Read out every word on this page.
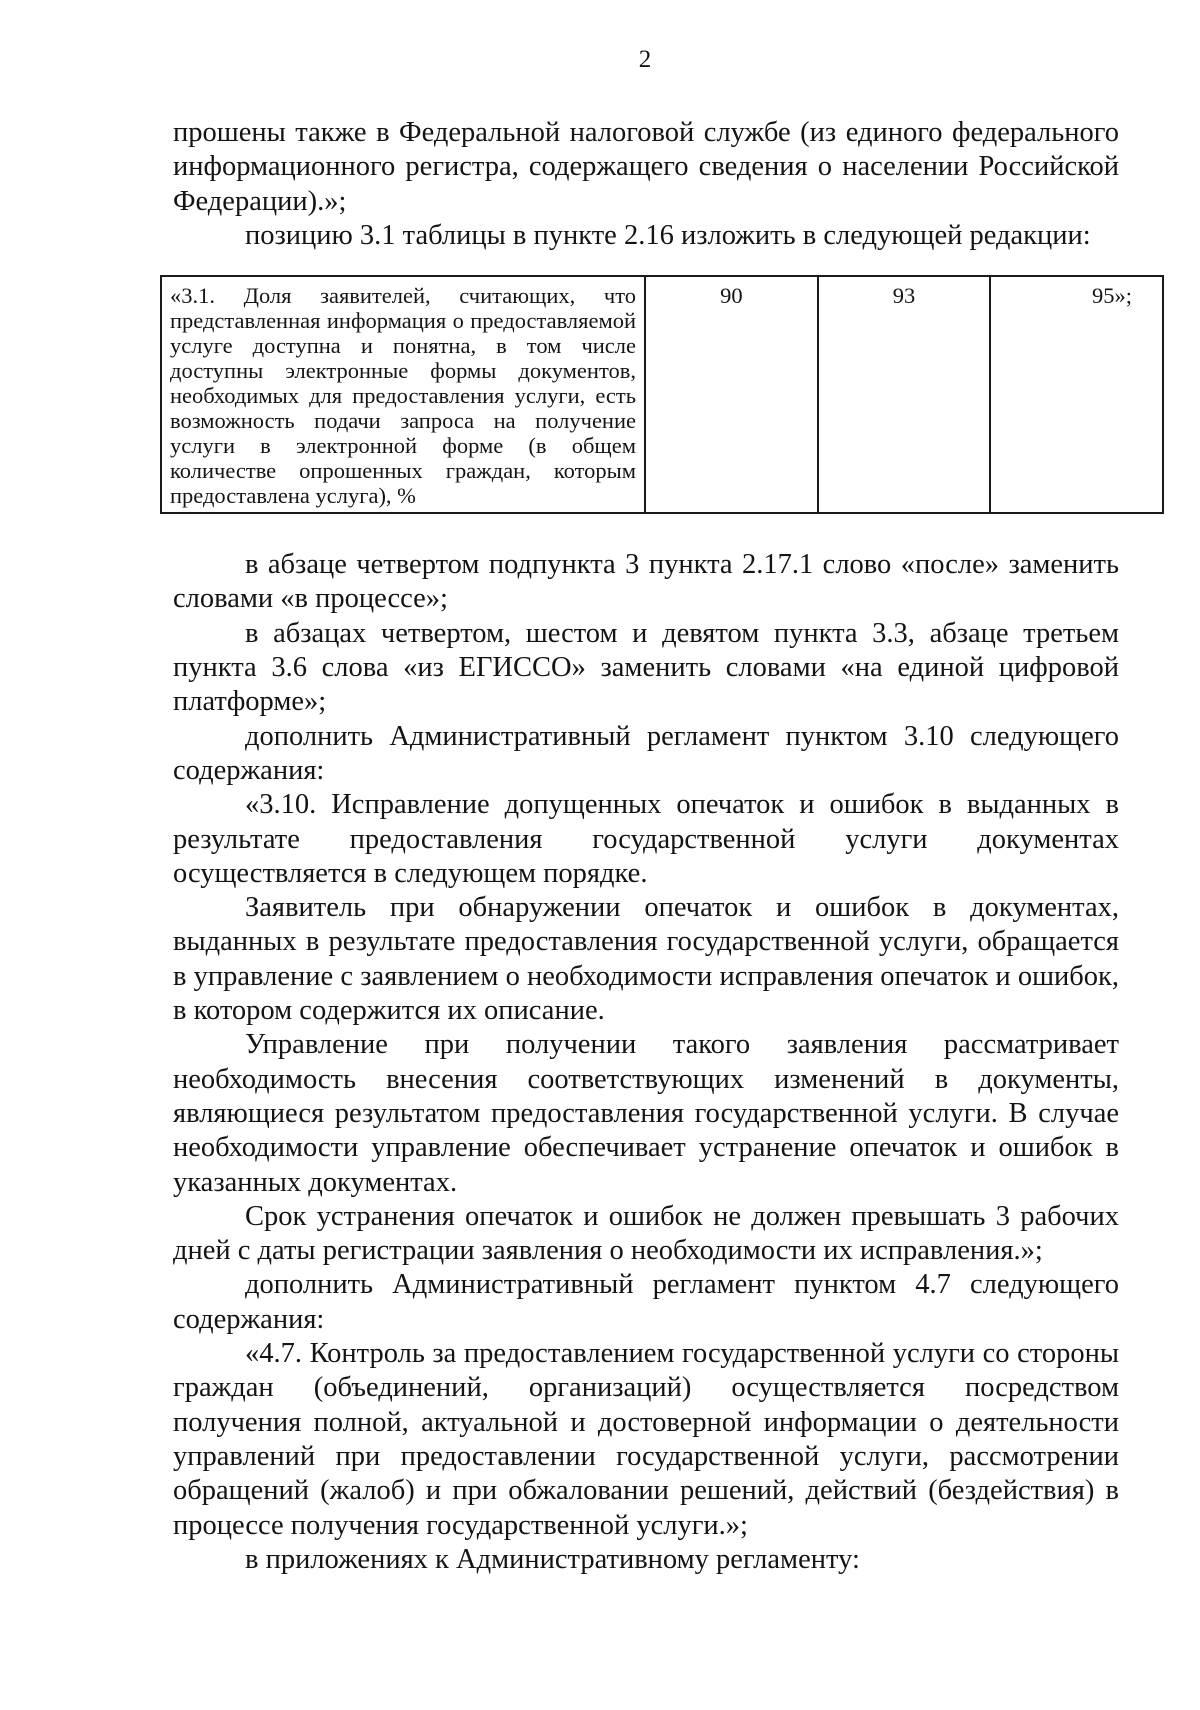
2

прошены также в Федеральной налоговой службе (из единого федерального информационного регистра, содержащего сведения о населении Российской Федерации).»;

позицию 3.1 таблицы в пункте 2.16 изложить в следующей редакции:

«3.1. Доля заявителей, считающих, что представленная информация о предоставляемой услуге доступна и понятна, в том числе доступны электронные формы документов, необходимых для предоставления услуги, есть возможность подачи запроса на получение услуги в электронной форме (в общем количестве опрошенных граждан, которым предоставлена услуга), %	90	93	95»;

в абзаце четвертом подпункта 3 пункта 2.17.1 слово «после» заменить словами «в процессе»;

в абзацах четвертом, шестом и девятом пункта 3.3, абзаце третьем пункта 3.6 слова «из ЕГИССО» заменить словами «на единой цифровой платформе»;

дополнить Административный регламент пунктом 3.10 следующего содержания:

«3.10. Исправление допущенных опечаток и ошибок в выданных в результате предоставления государственной услуги документах осуществляется в следующем порядке.

Заявитель при обнаружении опечаток и ошибок в документах, выданных в результате предоставления государственной услуги, обращается в управление с заявлением о необходимости исправления опечаток и ошибок, в котором содержится их описание.

Управление при получении такого заявления рассматривает необходимость внесения соответствующих изменений в документы, являющиеся результатом предоставления государственной услуги. В случае необходимости управление обеспечивает устранение опечаток и ошибок в указанных документах.

Срок устранения опечаток и ошибок не должен превышать 3 рабочих дней с даты регистрации заявления о необходимости их исправления.»;

дополнить Административный регламент пунктом 4.7 следующего содержания:

«4.7. Контроль за предоставлением государственной услуги со стороны граждан (объединений, организаций) осуществляется посредством получения полной, актуальной и достоверной информации о деятельности управлений при предоставлении государственной услуги, рассмотрении обращений (жалоб) и при обжаловании решений, действий (бездействия) в процессе получения государственной услуги.»;

в приложениях к Административному регламенту:
